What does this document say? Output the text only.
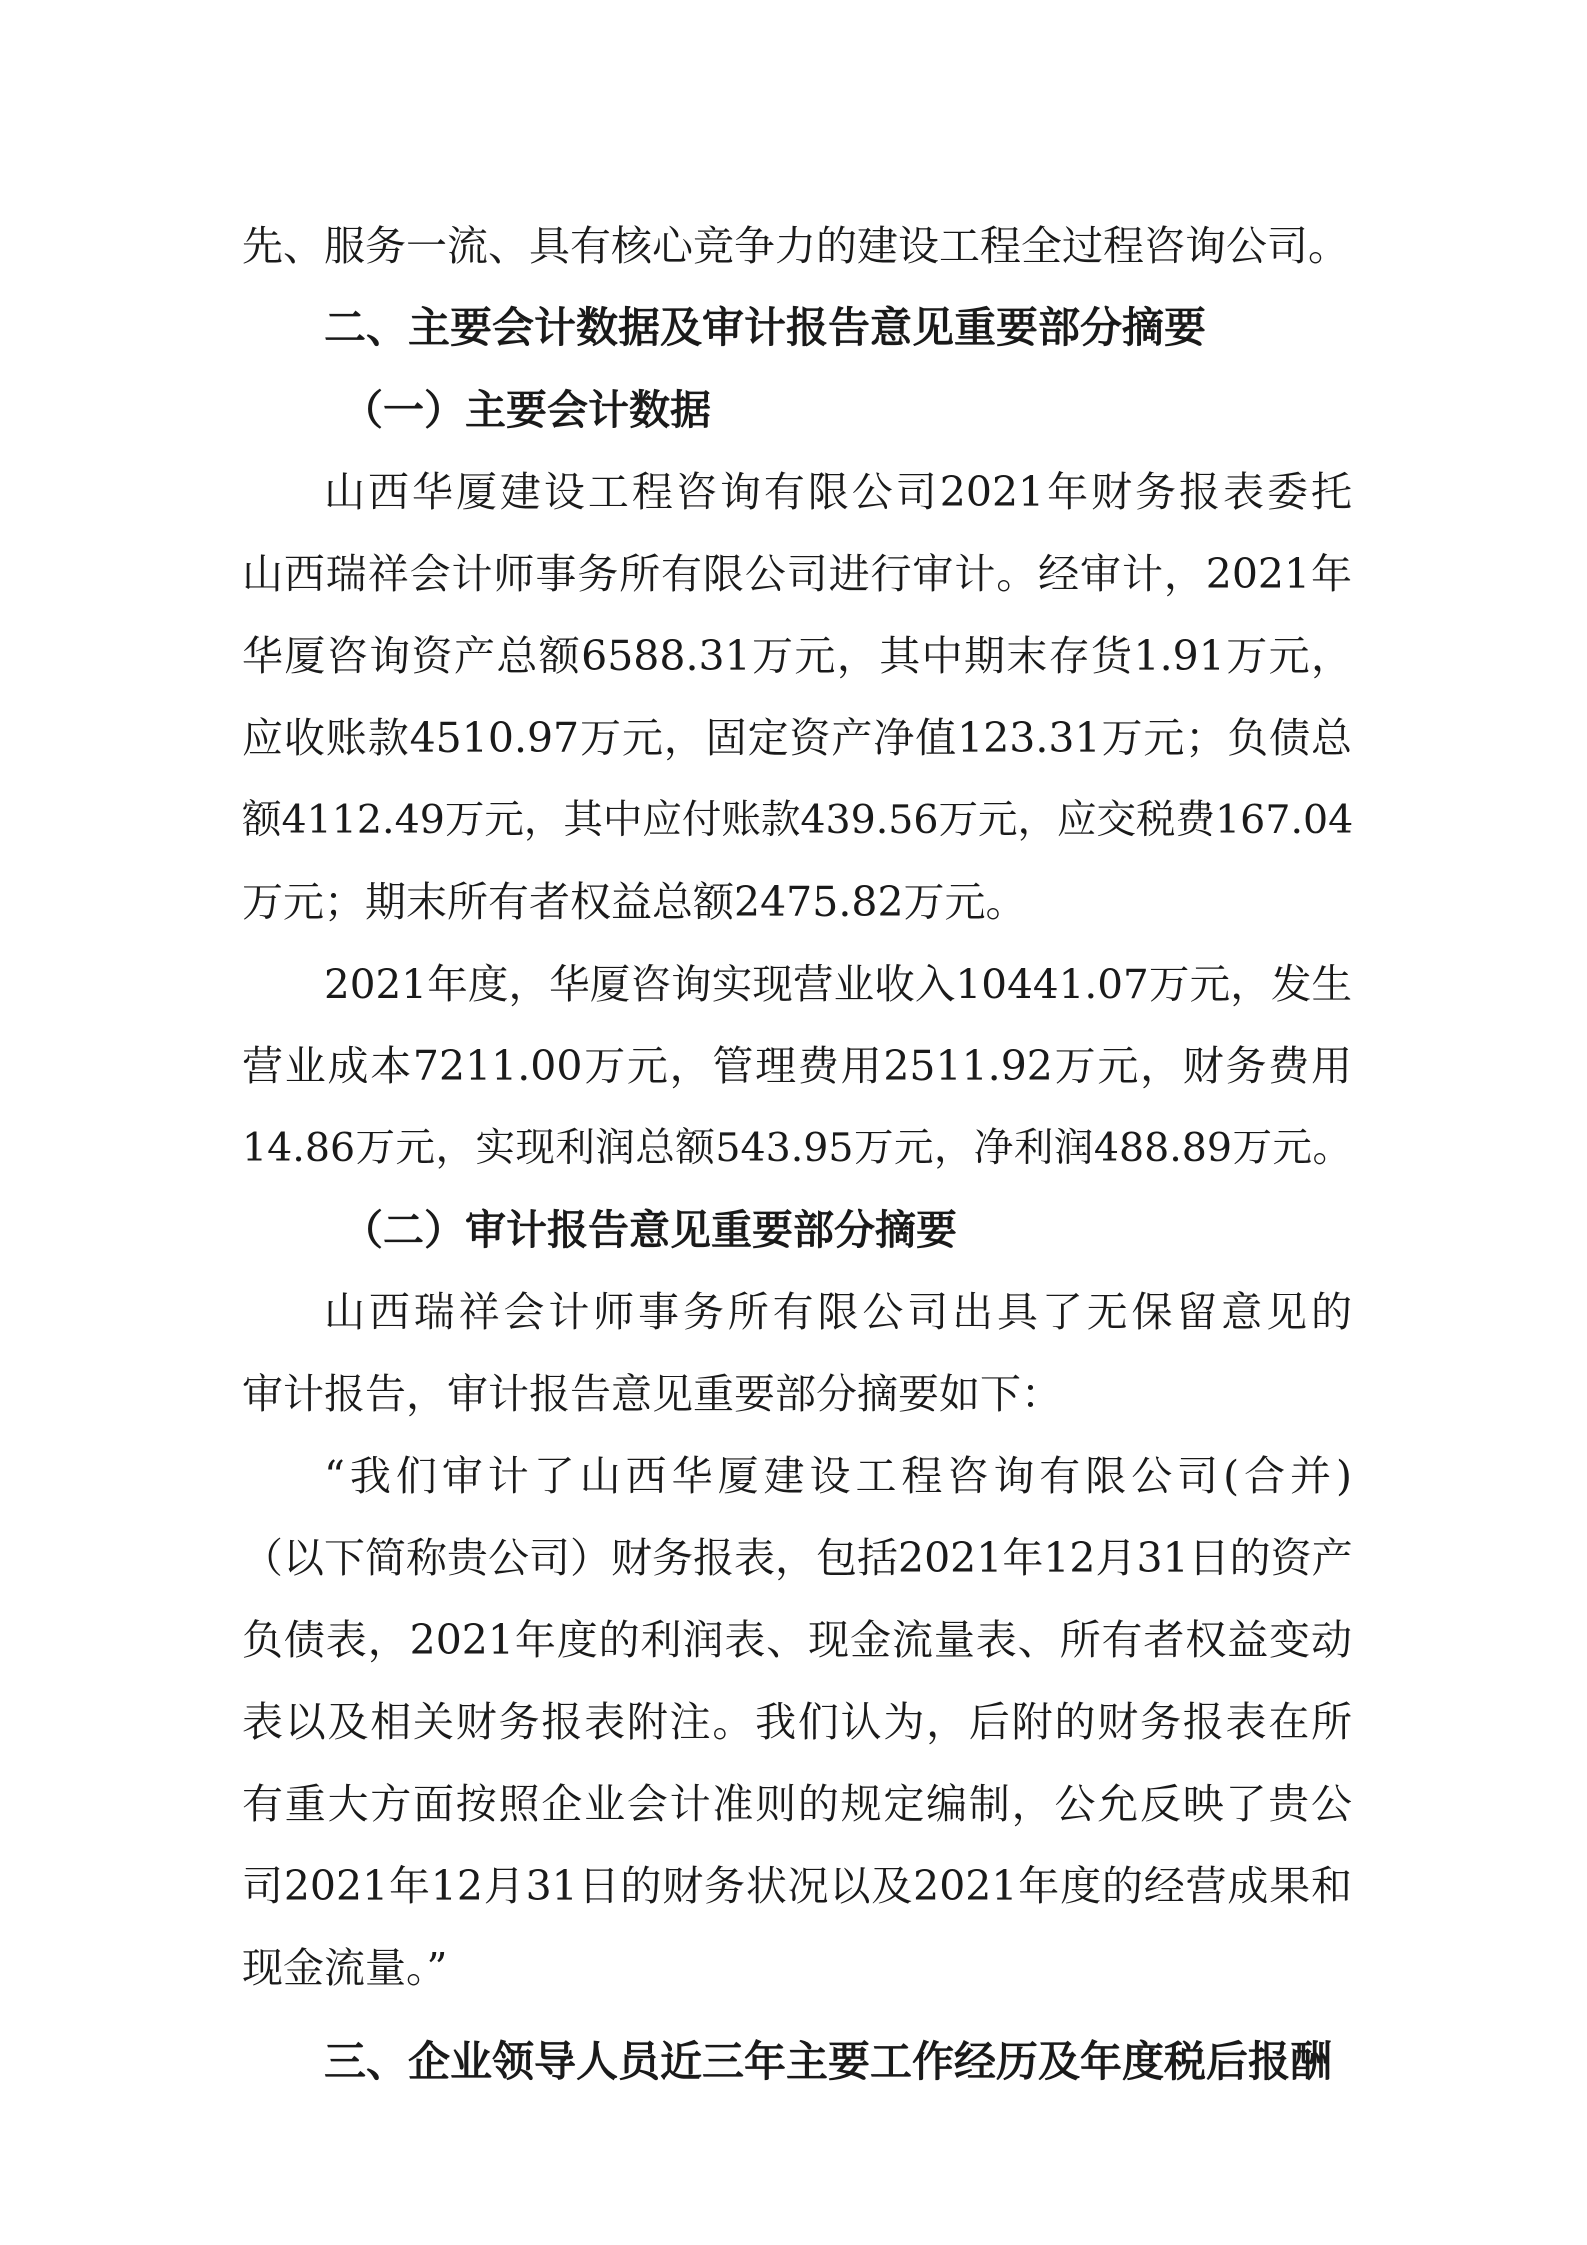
先、服务一流、具有核心竞争力的建设工程全过程咨询公司。

二、主要会计数据及审计报告意见重要部分摘要

（一）主要会计数据

山西华厦建设工程咨询有限公司2021年财务报表委托

山西瑞祥会计师事务所有限公司进行审计。经审计，2021年

华厦咨询资产总额6588.31万元，其中期末存货1.91万元，

应收账款4510.97万元，固定资产净值123.31万元；负债总

额4112.49万元，其中应付账款439.56万元，应交税费167.04

万元；期末所有者权益总额2475.82万元。

2021年度，华厦咨询实现营业收入10441.07万元，发生

营业成本7211.00万元，管理费用2511.92万元，财务费用

14.86万元，实现利润总额543.95万元，净利润488.89万元。

（二）审计报告意见重要部分摘要

山西瑞祥会计师事务所有限公司出具了无保留意见的

审计报告，审计报告意见重要部分摘要如下：

“我们审计了山西华厦建设工程咨询有限公司(合并)

（以下简称贵公司）财务报表，包括2021年12月31日的资产

负债表，2021年度的利润表、现金流量表、所有者权益变动

表以及相关财务报表附注。我们认为，后附的财务报表在所

有重大方面按照企业会计准则的规定编制，公允反映了贵公

司2021年12月31日的财务状况以及2021年度的经营成果和

现金流量。”

三、企业领导人员近三年主要工作经历及年度税后报酬
